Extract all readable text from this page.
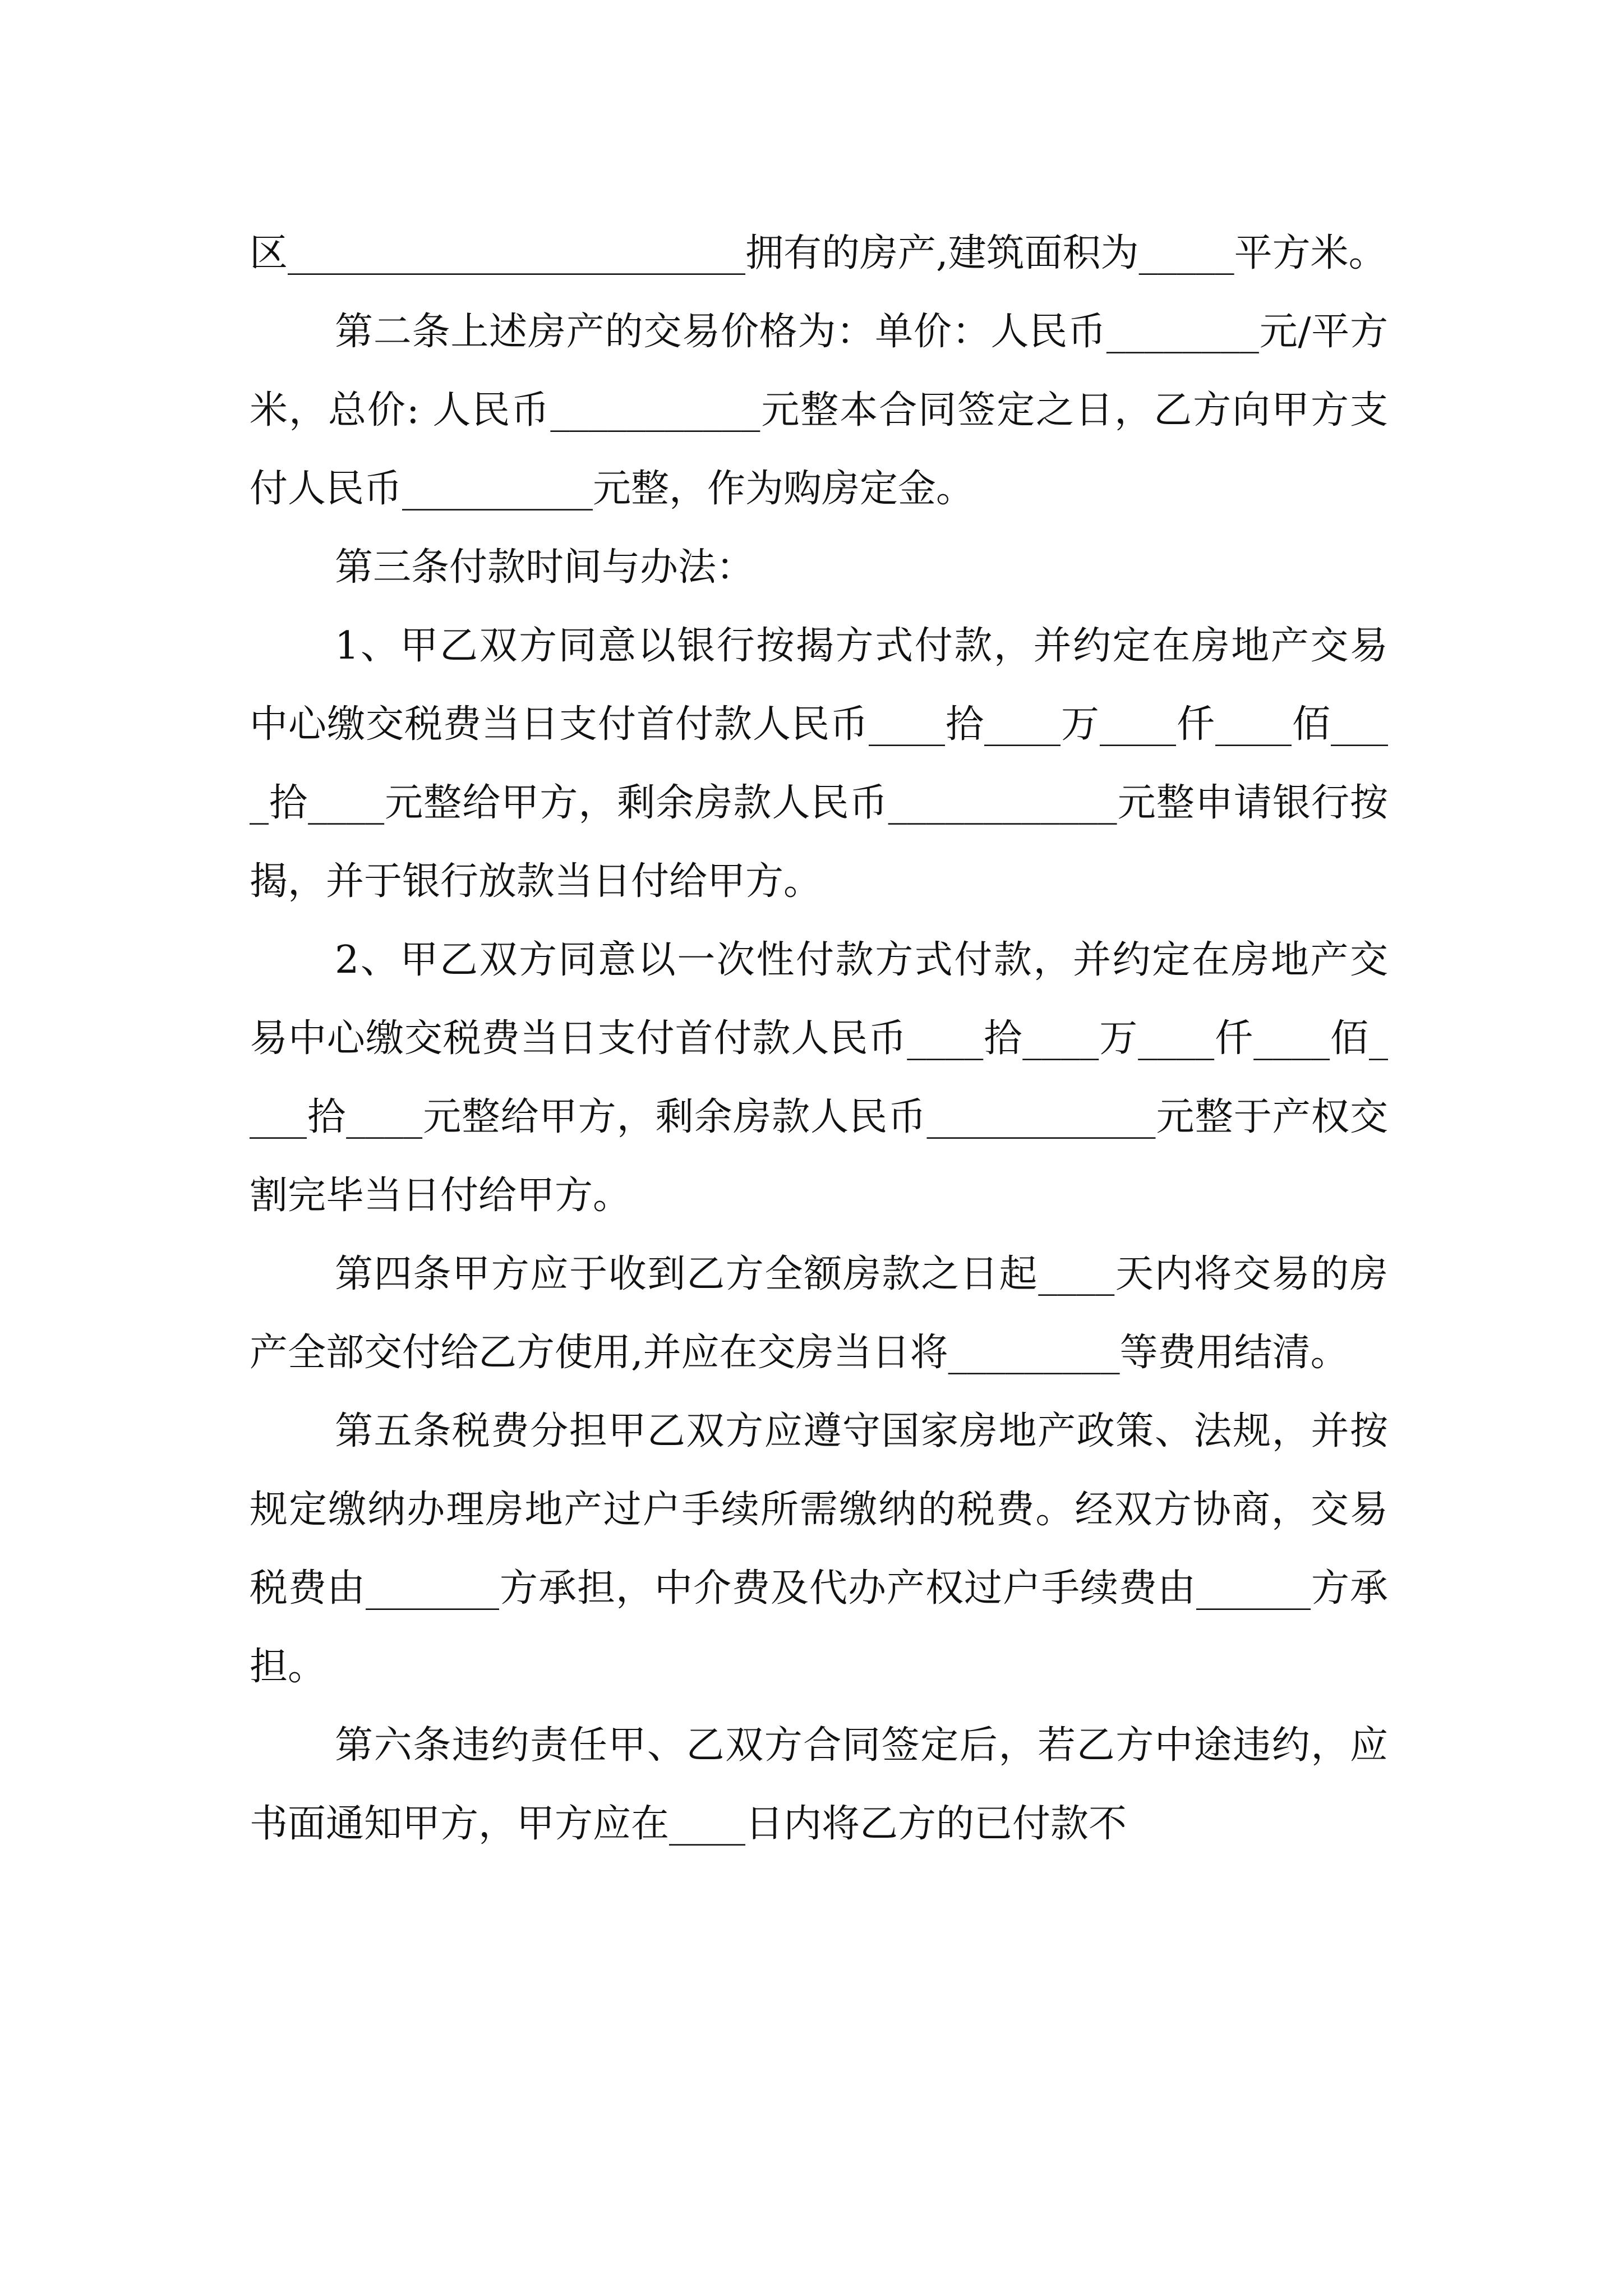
区________________________拥有的房产,建筑面积为_____平方米。

第二条上述房产的交易价格为：单价：人民币________元/平方米，总价: 人民币___________元整本合同签定之日，乙方向甲方支付人民币__________元整，作为购房定金。

第三条付款时间与办法：

1、甲乙双方同意以银行按揭方式付款，并约定在房地产交易中心缴交税费当日支付首付款人民币____拾____万____仟____佰____拾____元整给甲方，剩余房款人民币____________元整申请银行按揭，并于银行放款当日付给甲方。

2、甲乙双方同意以一次性付款方式付款，并约定在房地产交易中心缴交税费当日支付首付款人民币____拾____万____仟____佰____拾____元整给甲方，剩余房款人民币____________元整于产权交割完毕当日付给甲方。

第四条甲方应于收到乙方全额房款之日起____天内将交易的房产全部交付给乙方使用,并应在交房当日将_________等费用结清。

第五条税费分担甲乙双方应遵守国家房地产政策、法规，并按规定缴纳办理房地产过户手续所需缴纳的税费。经双方协商，交易税费由_______方承担，中介费及代办产权过户手续费由______方承担。

第六条违约责任甲、乙双方合同签定后，若乙方中途违约，应书面通知甲方，甲方应在____日内将乙方的已付款不
